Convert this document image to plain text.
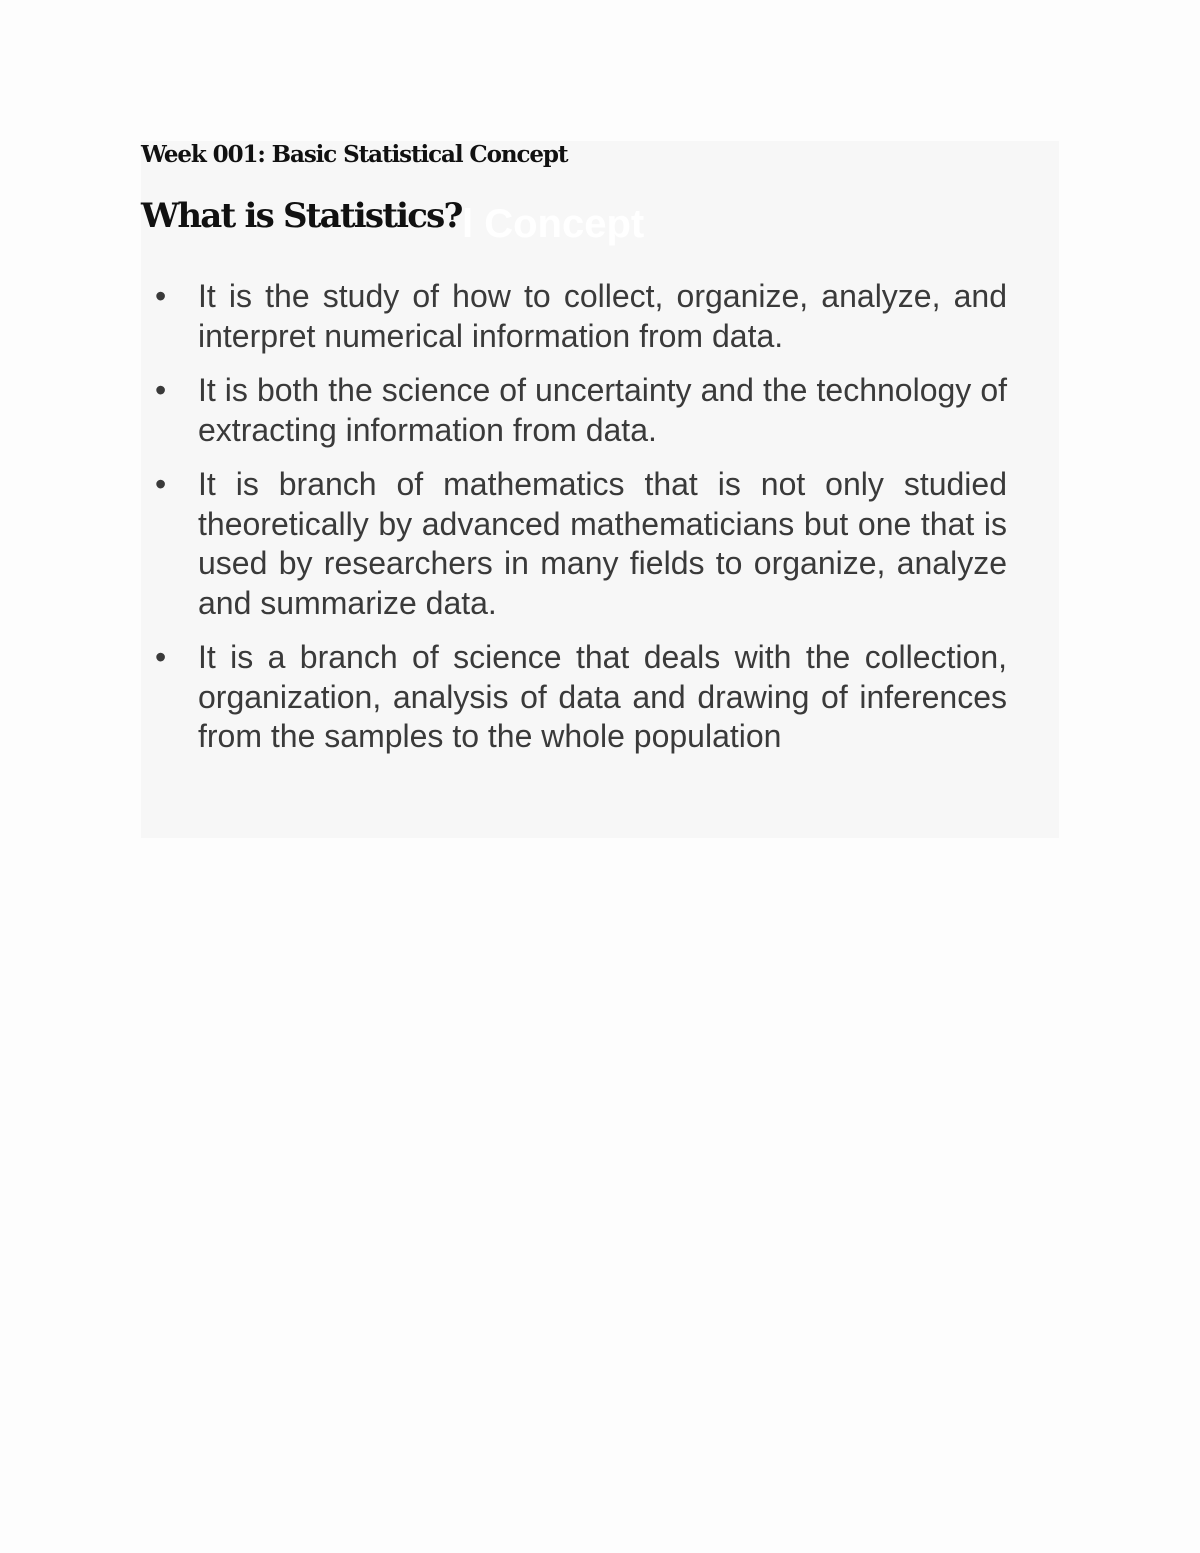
l Concept
Week 001: Basic Statistical Concept
What is Statistics?
• It is the study of how to collect, organize, analyze, and interpret numerical information from data.
• It is both the science of uncertainty and the technology of extracting information from data.
• It is branch of mathematics that is not only studied theoretically by advanced mathematicians but one that is used by researchers in many fields to organize, analyze and summarize data.
• It is a branch of science that deals with the collection, organization, analysis of data and drawing of inferences from the samples to the whole population
